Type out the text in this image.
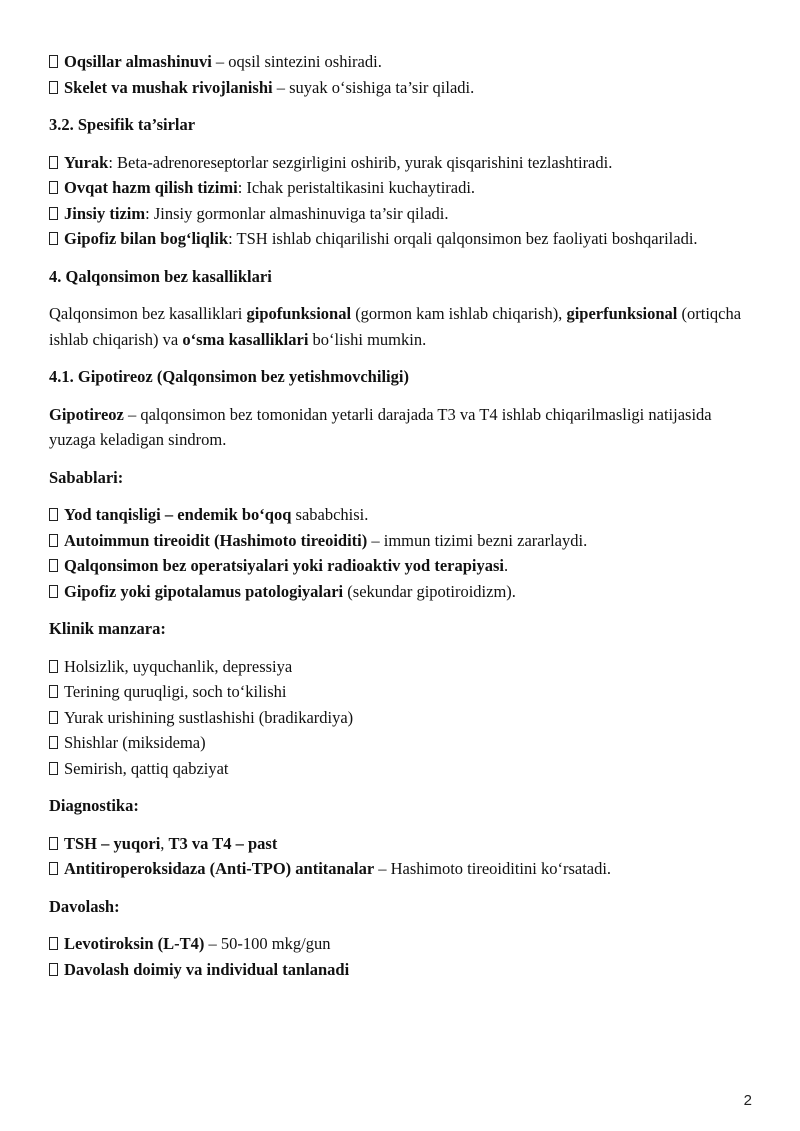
Oqsillar almashinuvi – oqsil sintezini oshiradi.

Skelet va mushak rivojlanishi – suyak o‘sishiga ta’sir qiladi.

3.2. Spesifik ta’sirlar

Yurak: Beta-adrenoreseptorlar sezgirligini oshirib, yurak qisqarishini tezlashtiradi.

Ovqat hazm qilish tizimi: Ichak peristaltikasini kuchaytiradi.

Jinsiy tizim: Jinsiy gormonlar almashinuviga ta’sir qiladi.

Gipofiz bilan bog‘liqlik: TSH ishlab chiqarilishi orqali qalqonsimon bez faoliyati boshqariladi.

4. Qalqonsimon bez kasalliklari

Qalqonsimon bez kasalliklari gipofunksional (gormon kam ishlab chiqarish), giperfunksional (ortiqcha ishlab chiqarish) va o‘sma kasalliklari bo‘lishi mumkin.

4.1. Gipotireoz (Qalqonsimon bez yetishmovchiligi)

Gipotireoz – qalqonsimon bez tomonidan yetarli darajada T3 va T4 ishlab chiqarilmasligi natijasida yuzaga keladigan sindrom.

Sabablari:

Yod tanqisligi – endemik bo‘qoq sababchisi.

Autoimmun tireoidit (Hashimoto tireoiditi) – immun tizimi bezni zararlaydi.

Qalqonsimon bez operatsiyalari yoki radioaktiv yod terapiyasi.

Gipofiz yoki gipotalamus patologiyalari (sekundar gipotiroidizm).

Klinik manzara:

Holsizlik, uyquchanlik, depressiya

Terining quruqligi, soch to‘kilishi

Yurak urishining sustlashishi (bradikardiya)

Shishlar (miksidema)

Semirish, qattiq qabziyat

Diagnostika:

TSH – yuqori, T3 va T4 – past

Antitiroperoksidaza (Anti-TPO) antitanalar – Hashimoto tireoiditini ko‘rsatadi.

Davolash:

Levotiroksin (L-T4) – 50-100 mkg/gun

Davolash doimiy va individual tanlanadi

2
